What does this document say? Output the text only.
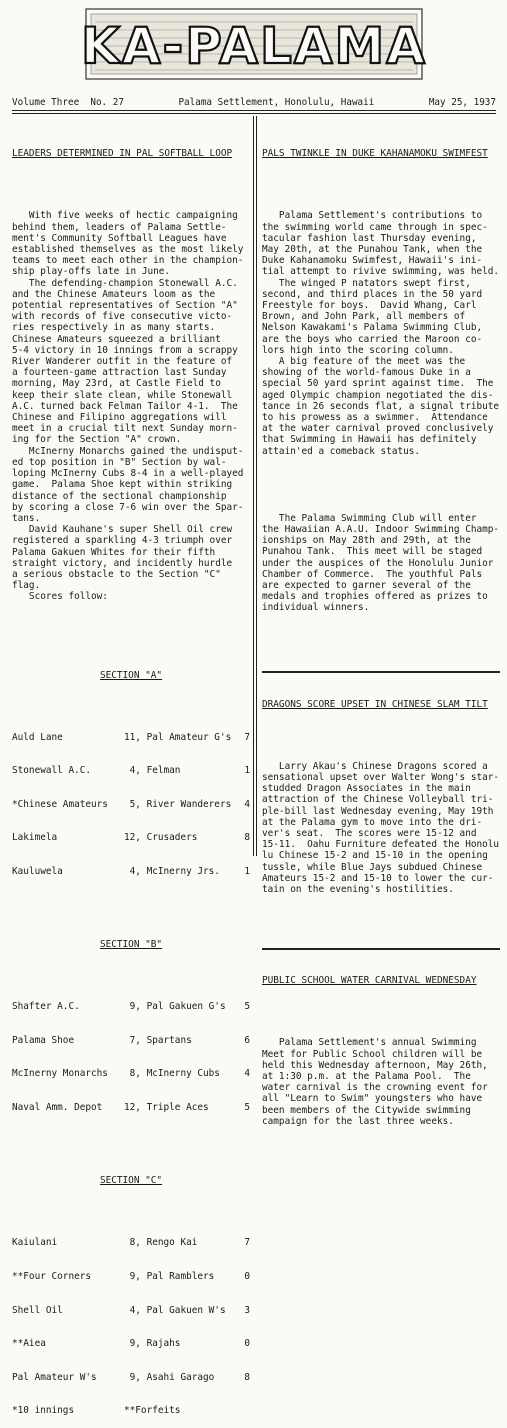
KA-PALAMA
Volume Three  No. 27	Palama Settlement, Honolulu, Hawaii	May 25, 1937

LEADERS DETERMINED IN PAL SOFTBALL LOOP

With five weeks of hectic campaigning
behind them, leaders of Palama Settle-
ment's Community Softball Leagues have
established themselves as the most likely
teams to meet each other in the champion-
ship play-offs late in June.
The defending-champion Stonewall A.C.
and the Chinese Amateurs loom as the
potential representatives of Section "A"
with records of five consecutive victo-
ries respectively in as many starts.
Chinese Amateurs squeezed a brilliant
5-4 victory in 10 innings from a scrappy
River Wanderer outfit in the feature of
a fourteen-game attraction last Sunday
morning, May 23rd, at Castle Field to
keep their slate clean, while Stonewall
A.C. turned back Felman Tailor 4-1.  The
Chinese and Filipino aggregations will
meet in a crucial tilt next Sunday morn-
ing for the Section "A" crown.
McInerny Monarchs gained the undisput-
ed top position in "B" Section by wal-
loping McInerny Cubs 8-4 in a well-played
game.  Palama Shoe kept within striking
distance of the sectional championship
by scoring a close 7-6 win over the Spar-
tans.
David Kauhane's super Shell Oil crew
registered a sparkling 4-3 triumph over
Palama Gakuen Whites for their fifth
straight victory, and incidently hurdle
a serious obstacle to the Section "C"
flag.
Scores follow:

SECTION "A"

Auld Lane	11, Pal Amateur G's	7

Stonewall A.C.	4, Felman	1

*Chinese Amateurs	5, River Wanderers	4

Lakimela	12, Crusaders	8

Kauluwela	4, McInerny Jrs.	1

SECTION "B"

Shafter A.C.	9, Pal Gakuen G's	5

Palama Shoe	7, Spartans	6

McInerny Monarchs	8, McInerny Cubs	4

Naval Amm. Depot	12, Triple Aces	5

SECTION "C"

Kaiulani	8, Rengo Kai	7

**Four Corners	9, Pal Ramblers	0

Shell Oil	4, Pal Gakuen W's	3

**Aiea	9, Rajahs	0

Pal Amateur W's	9, Asahi Garago	8

*10 innings	**Forfeits

PALS TWINKLE IN DUKE KAHANAMOKU SWIMFEST

Palama Settlement's contributions to
the swimming world came through in spec-
tacular fashion last Thursday evening,
May 20th, at the Punahou Tank, when the
Duke Kahanamoku Swimfest, Hawaii's ini-
tial attempt to rivive swimming, was held.
The winged P natators swept first,
second, and third places in the 50 yard
Freestyle for boys.  David Whang, Carl
Brown, and John Park, all members of
Nelson Kawakami's Palama Swimming Club,
are the boys who carried the Maroon co-
lors high into the scoring column.
A big feature of the meet was the
showing of the world-famous Duke in a
special 50 yard sprint against time.  The
aged Olympic champion negotiated the dis-
tance in 26 seconds flat, a signal tribute
to his prowess as a swimmer.  Attendance
at the water carnival proved conclusively
that Swimming in Hawaii has definitely
attain'ed a comeback status.

The Palama Swimming Club will enter
the Hawaiian A.A.U. Indoor Swimming Champ-
ionships on May 28th and 29th, at the
Punahou Tank.  This meet will be staged
under the auspices of the Honolulu Junior
Chamber of Commerce.  The youthful Pals
are expected to garner several of the
medals and trophies offered as prizes to
individual winners.

DRAGONS SCORE UPSET IN CHINESE SLAM TILT

Larry Akau's Chinese Dragons scored a
sensational upset over Walter Wong's star-
studded Dragon Associates in the main
attraction of the Chinese Volleyball tri-
ple-bill last Wednesday evening, May 19th
at the Palama gym to move into the dri-
ver's seat.  The scores were 15-12 and
15-11.  Oahu Furniture defeated the Honolu
lu Chinese 15-2 and 15-10 in the opening
tussle, while Blue Jays subdued Chinese
Amateurs 15-2 and 15-10 to lower the cur-
tain on the evening's hostilities.

PUBLIC SCHOOL WATER CARNIVAL WEDNESDAY

Palama Settlement's annual Swimming
Meet for Public School children will be
held this Wednesday afternoon, May 26th,
at 1:30 p.m. at the Palama Pool.  The
water carnival is the crowning event for
all "Learn to Swim" youngsters who have
been members of the Citywide swimming
campaign for the last three weeks.
